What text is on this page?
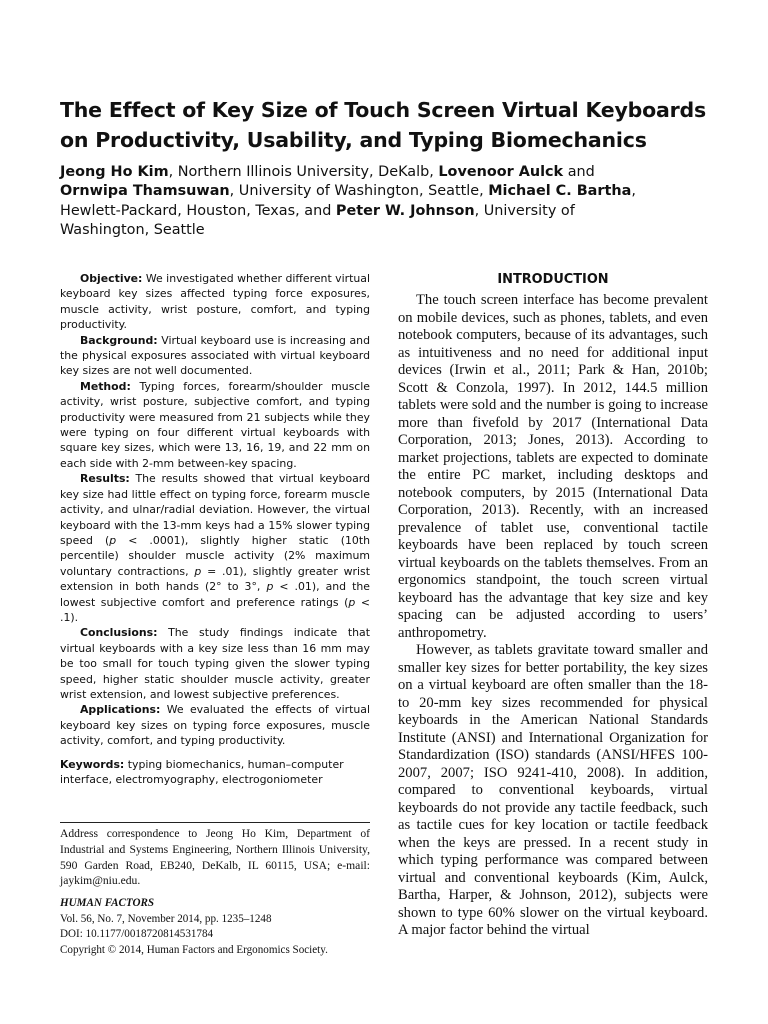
The Effect of Key Size of Touch Screen Virtual Keyboards
on Productivity, Usability, and Typing Biomechanics
Jeong Ho Kim, Northern Illinois University, DeKalb, Lovenoor Aulck and
Ornwipa Thamsuwan, University of Washington, Seattle, Michael C. Bartha,
Hewlett-Packard, Houston, Texas, and Peter W. Johnson, University of
Washington, Seattle

Objective: We investigated whether different virtual keyboard key sizes affected typing force exposures, muscle activity, wrist posture, comfort, and typing productivity.

Background: Virtual keyboard use is increasing and the physical exposures associated with virtual keyboard key sizes are not well documented.

Method: Typing forces, forearm/shoulder muscle activity, wrist posture, subjective comfort, and typing productivity were measured from 21 subjects while they were typing on four different virtual keyboards with square key sizes, which were 13, 16, 19, and 22 mm on each side with 2-mm between-key spacing.

Results: The results showed that virtual keyboard key size had little effect on typing force, forearm muscle activity, and ulnar/radial deviation. However, the virtual keyboard with the 13-mm keys had a 15% slower typing speed (p < .0001), slightly higher static (10th percentile) shoulder muscle activity (2% maximum voluntary contractions, p = .01), slightly greater wrist extension in both hands (2° to 3°, p < .01), and the lowest subjective comfort and preference ratings (p < .1).

Conclusions: The study findings indicate that virtual keyboards with a key size less than 16 mm may be too small for touch typing given the slower typing speed, higher static shoulder muscle activity, greater wrist extension, and lowest subjective preferences.

Applications: We evaluated the effects of virtual keyboard key sizes on typing force exposures, muscle activity, comfort, and typing productivity.

Keywords: typing biomechanics, human–computer interface, electromyography, electrogoniometer
Address correspondence to Jeong Ho Kim, Department of Industrial and Systems Engineering, Northern Illinois University, 590 Garden Road, EB240, DeKalb, IL 60115, USA; e-mail: jaykim@niu.edu.
HUMAN FACTORS
Vol. 56, No. 7, November 2014, pp. 1235–1248
DOI: 10.1177/0018720814531784
Copyright © 2014, Human Factors and Ergonomics Society.
INTRODUCTION

The touch screen interface has become prevalent on mobile devices, such as phones, tablets, and even notebook computers, because of its advantages, such as intuitiveness and no need for additional input devices (Irwin et al., 2011; Park & Han, 2010b; Scott & Conzola, 1997). In 2012, 144.5 million tablets were sold and the number is going to increase more than fivefold by 2017 (International Data Corporation, 2013; Jones, 2013). According to market projections, tablets are expected to dominate the entire PC market, including desktops and notebook computers, by 2015 (International Data Corporation, 2013). Recently, with an increased prevalence of tablet use, conventional tactile keyboards have been replaced by touch screen virtual keyboards on the tablets themselves. From an ergonomics standpoint, the touch screen virtual keyboard has the advantage that key size and key spacing can be adjusted according to users’ anthropometry.

However, as tablets gravitate toward smaller and smaller key sizes for better portability, the key sizes on a virtual keyboard are often smaller than the 18- to 20-mm key sizes recommended for physical keyboards in the American National Standards Institute (ANSI) and International Organization for Standardization (ISO) standards (ANSI/HFES 100-2007, 2007; ISO 9241-410, 2008). In addition, compared to conventional keyboards, virtual keyboards do not provide any tactile feedback, such as tactile cues for key location or tactile feedback when the keys are pressed. In a recent study in which typing performance was compared between virtual and conventional keyboards (Kim, Aulck, Bartha, Harper, & Johnson, 2012), subjects were shown to type 60% slower on the virtual keyboard. A major factor behind the virtual
